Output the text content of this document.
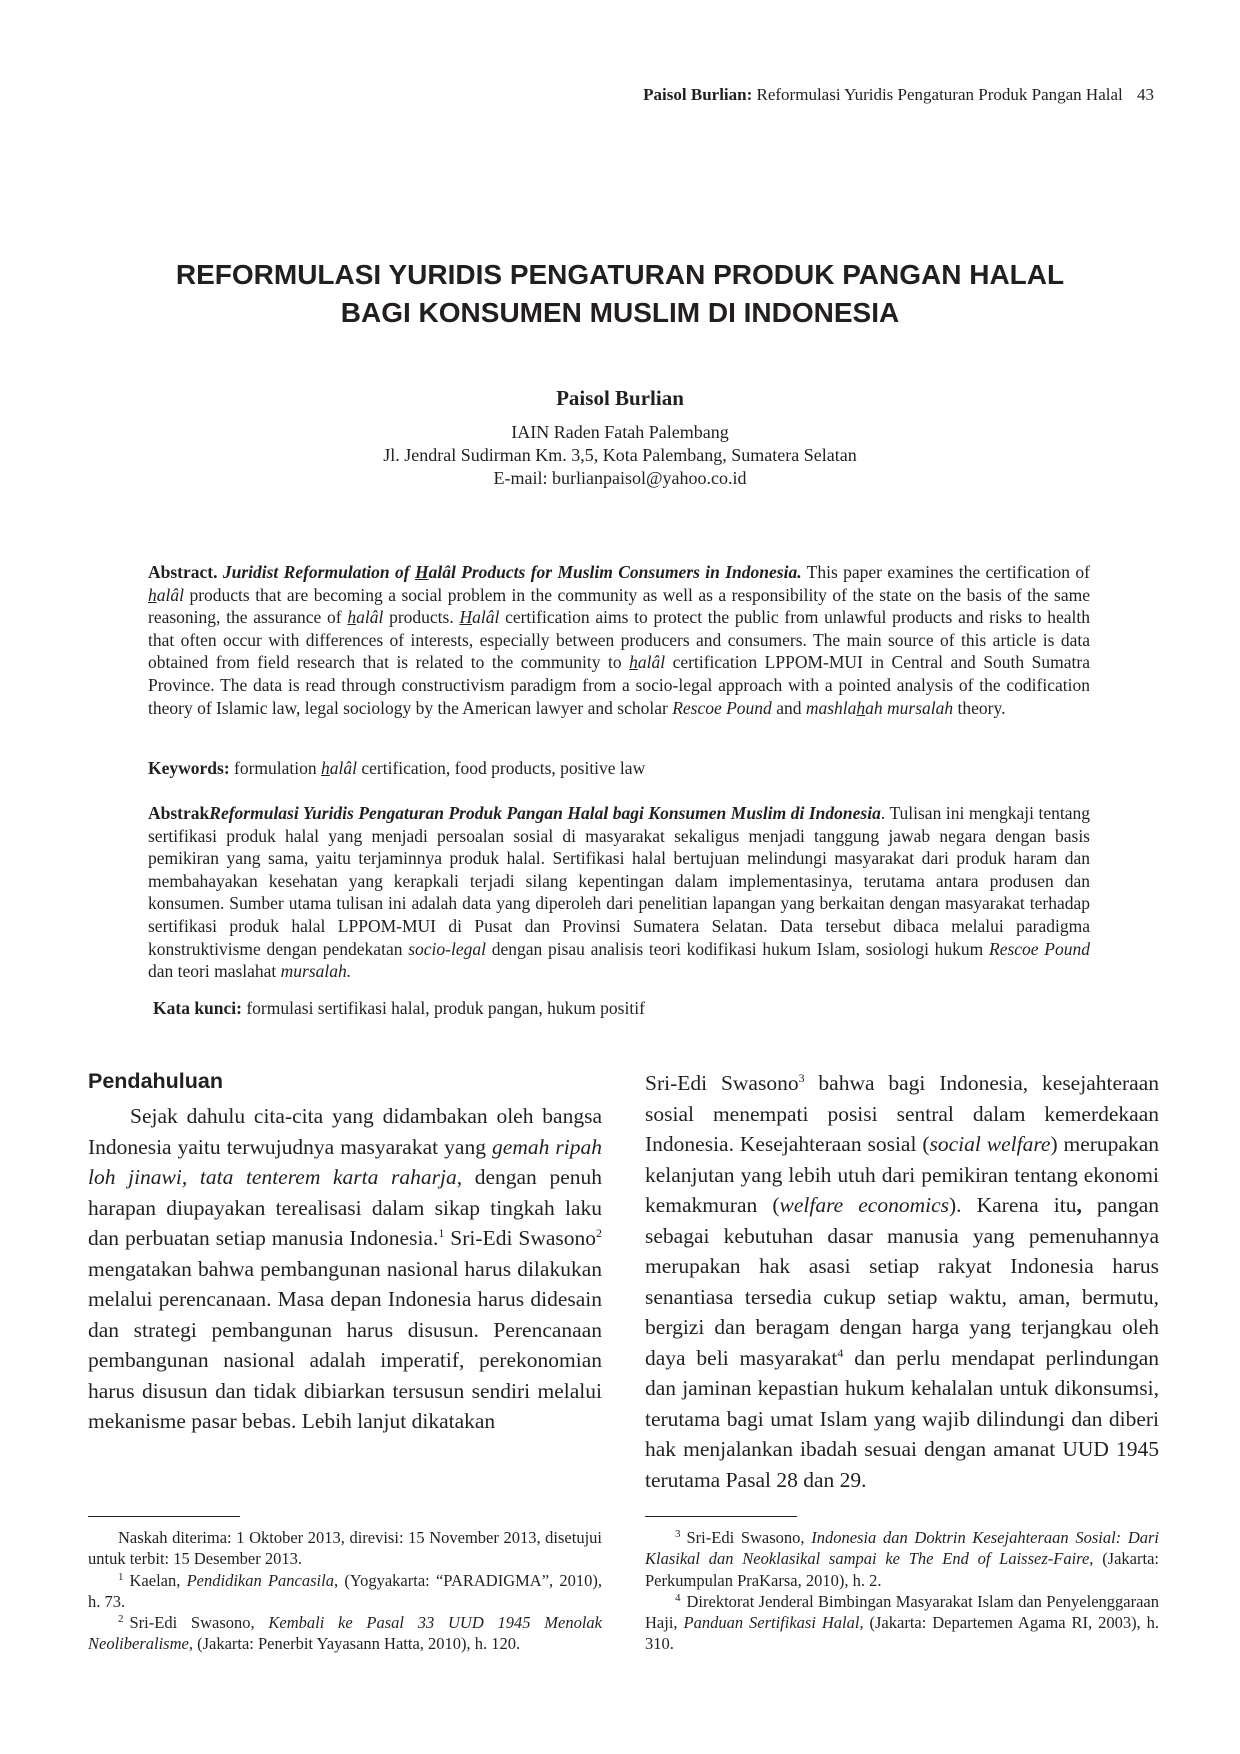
Paisol Burlian: Reformulasi Yuridis Pengaturan Produk Pangan Halal 43
REFORMULASI YURIDIS PENGATURAN PRODUK PANGAN HALAL
BAGI KONSUMEN MUSLIM DI INDONESIA
Paisol Burlian
IAIN Raden Fatah Palembang
Jl. Jendral Sudirman Km. 3,5, Kota Palembang, Sumatera Selatan
E-mail: burlianpaisol@yahoo.co.id
Abstract. Juridist Reformulation of Halâl Products for Muslim Consumers in Indonesia. This paper examines the certification of halâl products that are becoming a social problem in the community as well as a responsibility of the state on the basis of the same reasoning, the assurance of halâl products. Halâl certification aims to protect the public from unlawful products and risks to health that often occur with differences of interests, especially between producers and consumers. The main source of this article is data obtained from field research that is related to the community to halâl certification LPPOM-MUI in Central and South Sumatra Province. The data is read through constructivism paradigm from a socio-legal approach with a pointed analysis of the codification theory of Islamic law, legal sociology by the American lawyer and scholar Rescoe Pound and mashlahah mursalah theory.
Keywords: formulation halâl certification, food products, positive law
AbstrakReformulasi Yuridis Pengaturan Produk Pangan Halal bagi Konsumen Muslim di Indonesia. Tulisan ini mengkaji tentang sertifikasi produk halal yang menjadi persoalan sosial di masyarakat sekaligus menjadi tanggung jawab negara dengan basis pemikiran yang sama, yaitu terjaminnya produk halal. Sertifikasi halal bertujuan melindungi masyarakat dari produk haram dan membahayakan kesehatan yang kerapkali terjadi silang kepentingan dalam implementasinya, terutama antara produsen dan konsumen. Sumber utama tulisan ini adalah data yang diperoleh dari penelitian lapangan yang berkaitan dengan masyarakat terhadap sertifikasi produk halal LPPOM-MUI di Pusat dan Provinsi Sumatera Selatan. Data tersebut dibaca melalui paradigma konstruktivisme dengan pendekatan socio-legal dengan pisau analisis teori kodifikasi hukum Islam, sosiologi hukum Rescoe Pound dan teori maslahat mursalah.
Kata kunci: formulasi sertifikasi halal, produk pangan, hukum positif
Pendahuluan

Sejak dahulu cita-cita yang didambakan oleh bangsa Indonesia yaitu terwujudnya masyarakat yang gemah ripah loh jinawi, tata tenterem karta raharja, dengan penuh harapan diupayakan terealisasi dalam sikap tingkah laku dan perbuatan setiap manusia Indonesia.$^1$ Sri-Edi Swasono$^2$ mengatakan bahwa pembangunan nasional harus dilakukan melalui perencanaan. Masa depan Indonesia harus didesain dan strategi pembangunan harus disusun. Perencanaan pembangunan nasional adalah imperatif, perekonomian harus disusun dan tidak dibiarkan tersusun sendiri melalui mekanisme pasar bebas. Lebih lanjut dikatakan

Sri-Edi Swasono$^3$ bahwa bagi Indonesia, kesejahteraan sosial menempati posisi sentral dalam kemerdekaan Indonesia. Kesejahteraan sosial (social welfare) merupakan kelanjutan yang lebih utuh dari pemikiran tentang ekonomi kemakmuran (welfare economics). Karena itu, pangan sebagai kebutuhan dasar manusia yang pemenuhannya merupakan hak asasi setiap rakyat Indonesia harus senantiasa tersedia cukup setiap waktu, aman, bermutu, bergizi dan beragam dengan harga yang terjangkau oleh daya beli masyarakat$^4$ dan perlu mendapat perlindungan dan jaminan kepastian hukum kehalalan untuk dikonsumsi, terutama bagi umat Islam yang wajib dilindungi dan diberi hak menjalankan ibadah sesuai dengan amanat UUD 1945 terutama Pasal 28 dan 29.

Naskah diterima: 1 Oktober 2013, direvisi: 15 November 2013, disetujui untuk terbit: 15 Desember 2013.

$^1$ Kaelan, Pendidikan Pancasila, (Yogyakarta: “PARADIGMA”, 2010), h. 73.

$^2$ Sri-Edi Swasono, Kembali ke Pasal 33 UUD 1945 Menolak Neoliberalisme, (Jakarta: Penerbit Yayasann Hatta, 2010), h. 120.

$^3$ Sri-Edi Swasono, Indonesia dan Doktrin Kesejahteraan Sosial: Dari Klasikal dan Neoklasikal sampai ke The End of Laissez-Faire, (Jakarta: Perkumpulan PraKarsa, 2010), h. 2.

$^4$ Direktorat Jenderal Bimbingan Masyarakat Islam dan Penyelenggaraan Haji, Panduan Sertifikasi Halal, (Jakarta: Departemen Agama RI, 2003), h. 310.
